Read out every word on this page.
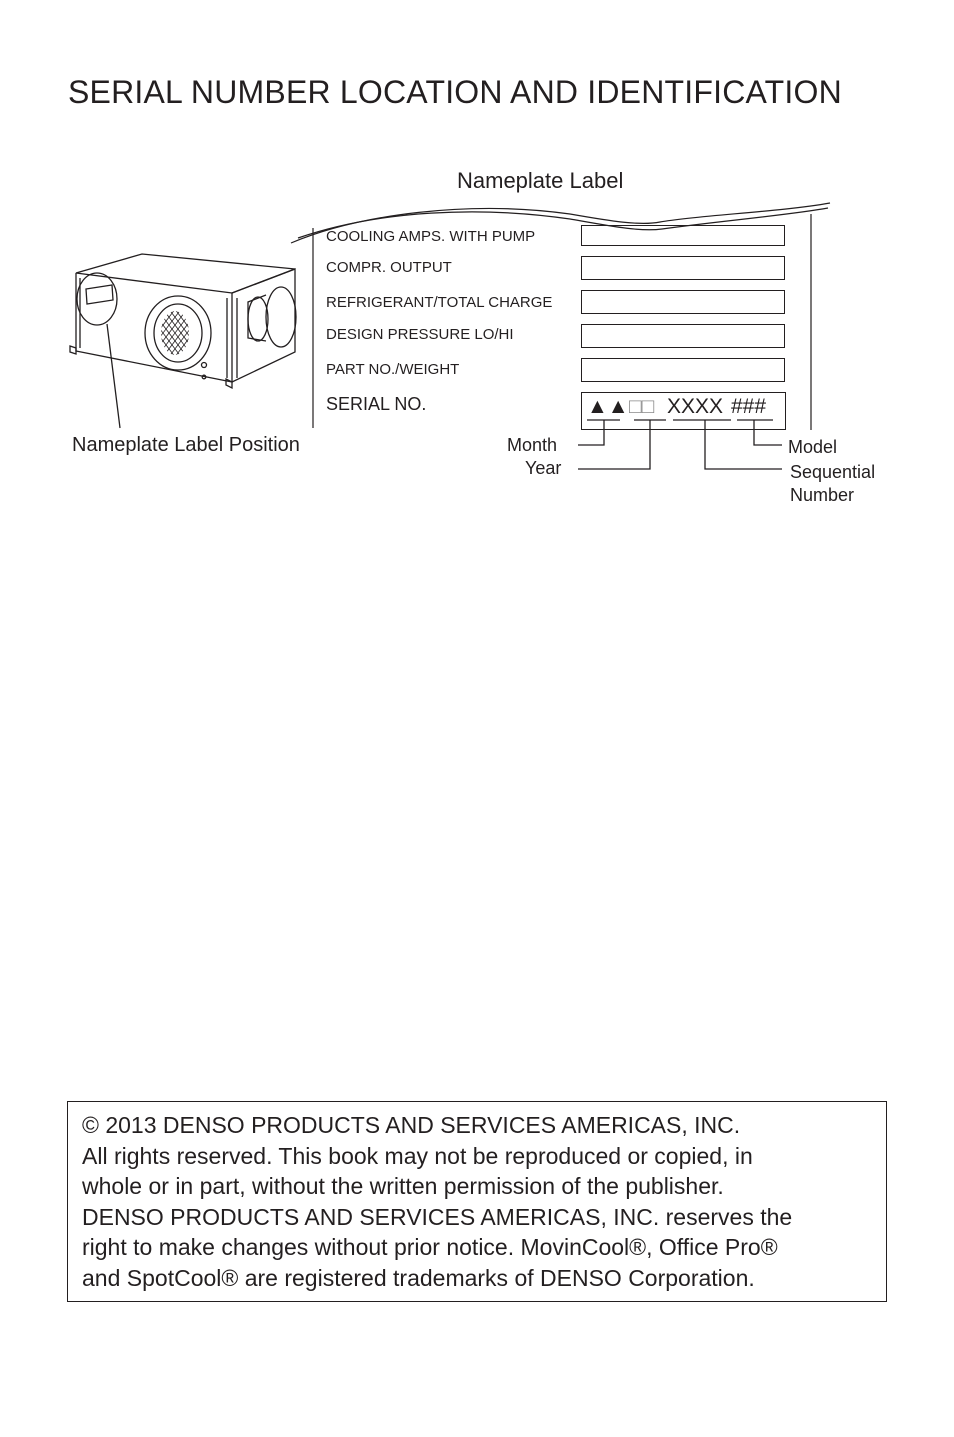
SERIAL NUMBER LOCATION AND IDENTIFICATION
Nameplate Label
COOLING AMPS. WITH PUMP
COMPR. OUTPUT
REFRIGERANT/TOTAL CHARGE
DESIGN PRESSURE LO/HI
PART NO./WEIGHT
SERIAL NO.	▲▲□□ XXXX ###
Month
Year
Model
Sequential
Number
Nameplate Label Position
© 2013 DENSO PRODUCTS AND SERVICES AMERICAS, INC.
All rights reserved. This book may not be reproduced or copied, in
whole or in part, without the written permission of the publisher.
DENSO PRODUCTS AND SERVICES AMERICAS, INC. reserves the
right to make changes without prior notice. MovinCool®, Office Pro®
and SpotCool® are registered trademarks of DENSO Corporation.
